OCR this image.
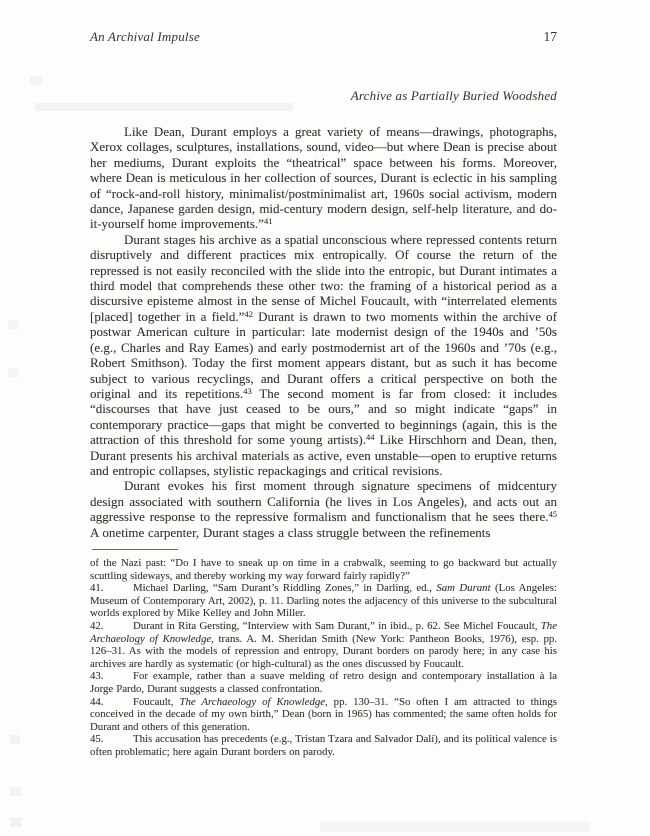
An Archival Impulse	17
Archive as Partially Buried Woodshed

Like Dean, Durant employs a great variety of means—drawings, photographs, Xerox collages, sculptures, installations, sound, video—but where Dean is precise about her mediums, Durant exploits the “theatrical” space between his forms. Moreover, where Dean is meticulous in her collection of sources, Durant is eclectic in his sampling of “rock-and-roll history, minimalist/postminimalist art, 1960s social activism, modern dance, Japanese garden design, mid-century modern design, self-help literature, and do-it-yourself home improvements.”$^{41}$

Durant stages his archive as a spatial unconscious where repressed contents return disruptively and different practices mix entropically. Of course the return of the repressed is not easily reconciled with the slide into the entropic, but Durant intimates a third model that comprehends these other two: the framing of a historical period as a discursive episteme almost in the sense of Michel Foucault, with “interrelated elements [placed] together in a field.”$^{42}$ Durant is drawn to two moments within the archive of postwar American culture in particular: late modernist design of the 1940s and ’50s (e.g., Charles and Ray Eames) and early postmodernist art of the 1960s and ’70s (e.g., Robert Smithson). Today the first moment appears distant, but as such it has become subject to various recyclings, and Durant offers a critical perspective on both the original and its repetitions.$^{43}$ The second moment is far from closed: it includes “discourses that have just ceased to be ours,” and so might indicate “gaps” in contemporary practice—gaps that might be converted to beginnings (again, this is the attraction of this threshold for some young artists).$^{44}$ Like Hirschhorn and Dean, then, Durant presents his archival materials as active, even unstable—open to eruptive returns and entropic collapses, stylistic repackagings and critical revisions.

Durant evokes his first moment through signature specimens of midcentury design associated with southern California (he lives in Los Angeles), and acts out an aggressive response to the repressive formalism and functionalism that he sees there.$^{45}$ A onetime carpenter, Durant stages a class struggle between the refinements

of the Nazi past: “Do I have to sneak up on time in a crabwalk, seeming to go backward but actually scuttling sideways, and thereby working my way forward fairly rapidly?”

41.	Michael Darling, “Sam Durant’s Riddling Zones,” in Darling, ed., Sam Durant (Los Angeles: Museum of Contemporary Art, 2002), p. 11. Darling notes the adjacency of this universe to the subcultural worlds explored by Mike Kelley and John Miller.

42.	Durant in Rita Gersting, “Interview with Sam Durant,” in ibid., p. 62. See Michel Foucault, The Archaeology of Knowledge, trans. A. M. Sheridan Smith (New York: Pantheon Books, 1976), esp. pp. 126–31. As with the models of repression and entropy, Durant borders on parody here; in any case his archives are hardly as systematic (or high-cultural) as the ones discussed by Foucault.

43.	For example, rather than a suave melding of retro design and contemporary installation à la Jorge Pardo, Durant suggests a classed confrontation.

44.	Foucault, The Archaeology of Knowledge, pp. 130–31. “So often I am attracted to things conceived in the decade of my own birth,” Dean (born in 1965) has commented; the same often holds for Durant and others of this generation.

45.	This accusation has precedents (e.g., Tristan Tzara and Salvador Dalí), and its political valence is often problematic; here again Durant borders on parody.
